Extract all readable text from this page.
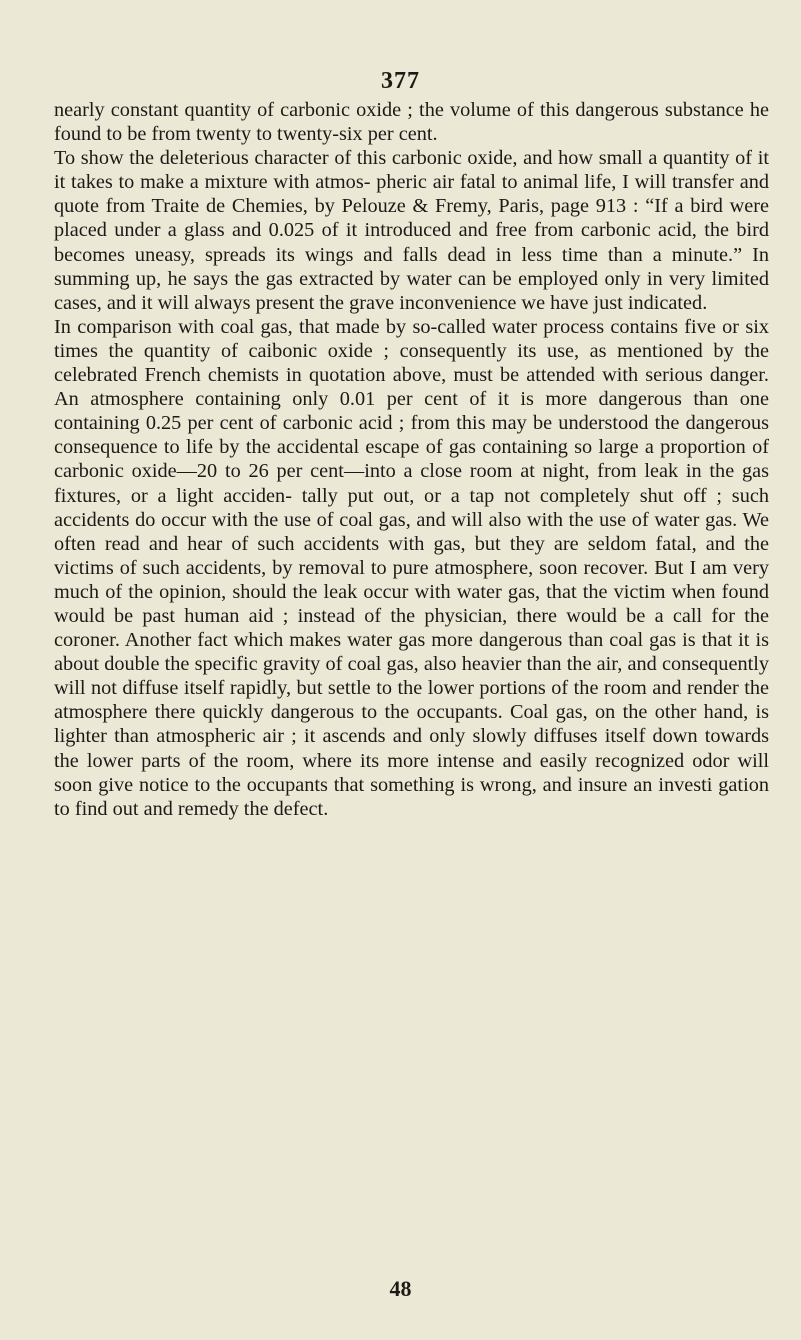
377

nearly constant quantity of carbonic oxide ; the volume of this dangerous substance he found to be from twenty to twenty-six per cent.

To show the deleterious character of this carbonic oxide, and how small a quantity of it it takes to make a mixture with atmos- pheric air fatal to animal life, I will transfer and quote from Traite de Chemies, by Pelouze & Fremy, Paris, page 913 : “If a bird were placed under a glass and 0.025 of it introduced and free from carbonic acid, the bird becomes uneasy, spreads its wings and falls dead in less time than a minute.” In summing up, he says the gas extracted by water can be employed only in very limited cases, and it will always present the grave inconvenience we have just indicated.

In comparison with coal gas, that made by so-called water process contains five or six times the quantity of caibonic oxide ; consequently its use, as mentioned by the celebrated French chemists in quotation above, must be attended with serious danger. An atmosphere containing only 0.01 per cent of it is more dangerous than one containing 0.25 per cent of carbonic acid ; from this may be understood the dangerous consequence to life by the accidental escape of gas containing so large a proportion of carbonic oxide—20 to 26 per cent—into a close room at night, from leak in the gas fixtures, or a light acciden- tally put out, or a tap not completely shut off ; such accidents do occur with the use of coal gas, and will also with the use of water gas. We often read and hear of such accidents with gas, but they are seldom fatal, and the victims of such accidents, by removal to pure atmosphere, soon recover. But I am very much of the opinion, should the leak occur with water gas, that the victim when found would be past human aid ; instead of the physician, there would be a call for the coroner. Another fact which makes water gas more dangerous than coal gas is that it is about double the specific gravity of coal gas, also heavier than the air, and consequently will not diffuse itself rapidly, but settle to the lower portions of the room and render the atmosphere there quickly dangerous to the occupants. Coal gas, on the other hand, is lighter than atmospheric air ; it ascends and only slowly diffuses itself down towards the lower parts of the room, where its more intense and easily recognized odor will soon give notice to the occupants that something is wrong, and insure an investi gation to find out and remedy the defect.

48
